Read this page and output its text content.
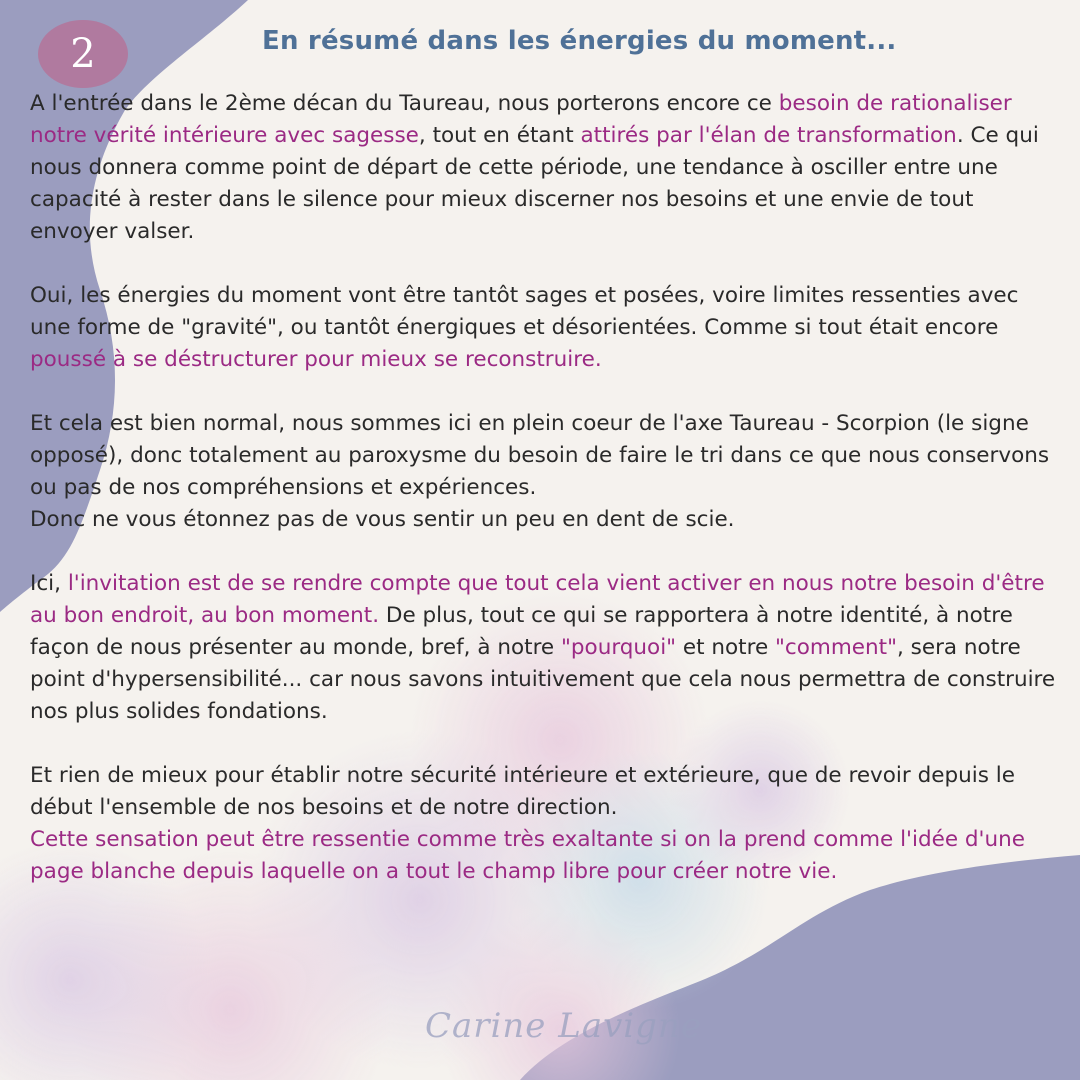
2	En résumé dans les énergies du moment...

A l'entrée dans le 2ème décan du Taureau, nous porterons encore ce besoin de rationaliser notre vérité intérieure avec sagesse, tout en étant attirés par l'élan de transformation. Ce qui nous donnera comme point de départ de cette période, une tendance à osciller entre une capacité à rester dans le silence pour mieux discerner nos besoins et une envie de tout envoyer valser.

Oui, les énergies du moment vont être tantôt sages et posées, voire limites ressenties avec une forme de "gravité", ou tantôt énergiques et désorientées. Comme si tout était encore poussé à se déstructurer pour mieux se reconstruire.

Et cela est bien normal, nous sommes ici en plein coeur de l'axe Taureau - Scorpion (le signe opposé), donc totalement au paroxysme du besoin de faire le tri dans ce que nous conservons ou pas de nos compréhensions et expériences.
Donc ne vous étonnez pas de vous sentir un peu en dent de scie.

Ici, l'invitation est de se rendre compte que tout cela vient activer en nous notre besoin d'être au bon endroit, au bon moment. De plus, tout ce qui se rapportera à notre identité, à notre façon de nous présenter au monde, bref, à notre "pourquoi" et notre "comment", sera notre point d'hypersensibilité... car nous savons intuitivement que cela nous permettra de construire nos plus solides fondations.

Et rien de mieux pour établir notre sécurité intérieure et extérieure, que de revoir depuis le début l'ensemble de nos besoins et de notre direction.
Cette sensation peut être ressentie comme très exaltante si on la prend comme l'idée d'une page blanche depuis laquelle on a tout le champ libre pour créer notre vie.

Carine Lavigne
